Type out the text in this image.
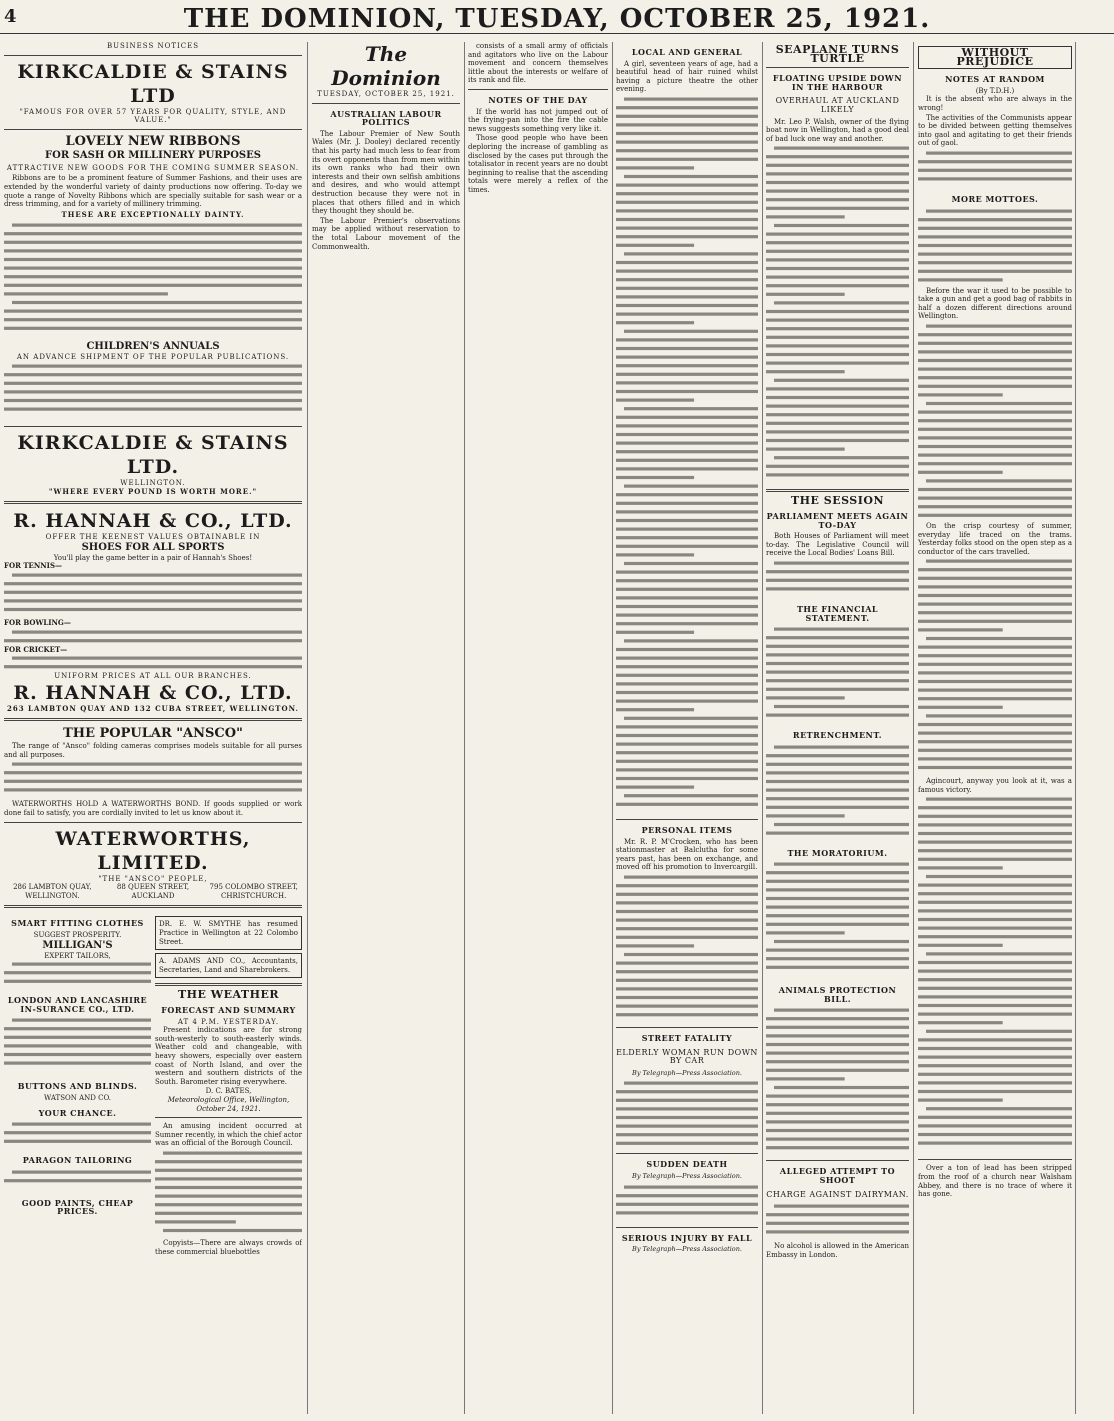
4	THE DOMINION, TUESDAY, OCTOBER 25, 1921.
BUSINESS NOTICES
KIRKCALDIE & STAINS LTD
"FAMOUS FOR OVER 57 YEARS FOR QUALITY, STYLE, AND VALUE."
LOVELY NEW RIBBONS
FOR SASH OR MILLINERY PURPOSES
ATTRACTIVE NEW GOODS FOR THE COMING SUMMER SEASON.
Ribbons are to be a prominent feature of Summer Fashions, and their uses are extended by the wonderful variety of dainty productions now offering. To-day we quote a range of Novelty Ribbons which are specially suitable for sash wear or a dress trimming, and for a variety of millinery trimming.
THESE ARE EXCEPTIONALLY DAINTY.
CHILDREN'S ANNUALS
AN ADVANCE SHIPMENT OF THE POPULAR PUBLICATIONS.
KIRKCALDIE & STAINS LTD.
WELLINGTON.
"WHERE EVERY POUND IS WORTH MORE."
R. HANNAH & CO., LTD.
OFFER THE KEENEST VALUES OBTAINABLE IN
SHOES FOR ALL SPORTS
You'll play the game better in a pair of Hannah's Shoes!
FOR TENNIS—
FOR BOWLING—
FOR CRICKET—
UNIFORM PRICES AT ALL OUR BRANCHES.
R. HANNAH & CO., LTD.
263 LAMBTON QUAY AND 132 CUBA STREET, WELLINGTON.
THE POPULAR "ANSCO"
The range of "Ansco" folding cameras comprises models suitable for all purses and all purposes.
WATERWORTHS HOLD A WATERWORTHS BOND. If goods supplied or work done fail to satisfy, you are cordially invited to let us know about it.
WATERWORTHS, LIMITED.
"THE "ANSCO" PEOPLE,
286 LAMBTON QUAY, WELLINGTON.
88 QUEEN STREET, AUCKLAND
795 COLOMBO STREET, CHRISTCHURCH.
SMART FITTING CLOTHES
SUGGEST PROSPERITY.
MILLIGAN'S
EXPERT TAILORS,
LONDON AND LANCASHIRE IN-SURANCE CO., LTD.
BUTTONS AND BLINDS.
WATSON AND CO.
YOUR CHANCE.
PARAGON TAILORING
GOOD PAINTS, CHEAP PRICES.
DR. E. W. SMYTHE has resumed Practice in Wellington at 22 Colombo Street.
A. ADAMS AND CO., Accountants, Secretaries, Land and Sharebrokers.
THE WEATHER
FORECAST AND SUMMARY
AT 4 P.M. YESTERDAY.
Present indications are for strong south-westerly to south-easterly winds. Weather cold and changeable, with heavy showers, especially over eastern coast of North Island, and over the western and southern districts of the South. Barometer rising everywhere.
D. C. BATES,
Meteorological Office, Wellington, October 24, 1921.
An amusing incident occurred at Sumner recently, in which the chief actor was an official of the Borough Council.
Copyists—There are always crowds of these commercial bluebottles
The Dominion
TUESDAY, OCTOBER 25, 1921.
AUSTRALIAN LABOUR POLITICS
The Labour Premier of New South Wales (Mr. J. Dooley) declared recently that his party had much less to fear from its overt opponents than from men within its own ranks who had their own interests and their own selfish ambitions and desires, and who would attempt destruction because they were not in places that others filled and in which they thought they should be.
The Labour Premier's observations may be applied without reservation to the total Labour movement of the Commonwealth.
consists of a small army of officials and agitators who live on the Labour movement and concern themselves little about the interests or welfare of its rank and file.
NOTES OF THE DAY
If the world has not jumped out of the frying-pan into the fire the cable news suggests something very like it.
Those good people who have been deploring the increase of gambling as disclosed by the cases put through the totalisator in recent years are no doubt beginning to realise that the ascending totals were merely a reflex of the times.
LOCAL AND GENERAL
A girl, seventeen years of age, had a beautiful head of hair ruined whilst having a picture theatre the other evening.
PERSONAL ITEMS
Mr. R. P. M'Crocken, who has been stationmaster at Balclutha for some years past, has been on exchange, and moved off his promotion to Invercargill.
STREET FATALITY
ELDERLY WOMAN RUN DOWN BY CAR
By Telegraph—Press Association.
SUDDEN DEATH
By Telegraph—Press Association.
SERIOUS INJURY BY FALL
By Telegraph—Press Association.
SEAPLANE TURNS TURTLE
FLOATING UPSIDE DOWN IN THE HARBOUR
OVERHAUL AT AUCKLAND LIKELY
Mr. Leo P. Walsh, owner of the flying boat now in Wellington, had a good deal of bad luck one way and another.
THE SESSION
PARLIAMENT MEETS AGAIN TO-DAY
Both Houses of Parliament will meet to-day. The Legislative Council will receive the Local Bodies' Loans Bill.
THE FINANCIAL STATEMENT.
RETRENCHMENT.
THE MORATORIUM.
ANIMALS PROTECTION BILL.
ALLEGED ATTEMPT TO SHOOT
CHARGE AGAINST DAIRYMAN.
No alcohol is allowed in the American Embassy in London.
WITHOUT PREJUDICE
NOTES AT RANDOM
(By T.D.H.)
It is the absent who are always in the wrong!
The activities of the Communists appear to be divided between getting themselves into gaol and agitating to get their friends out of gaol.
MORE MOTTOES.
Before the war it used to be possible to take a gun and get a good bag of rabbits in half a dozen different directions around Wellington.
On the crisp courtesy of summer, everyday life traced on the trams. Yesterday folks stood on the open step as a conductor of the cars travelled.
Agincourt, anyway you look at it, was a famous victory.
Over a ton of lead has been stripped from the roof of a church near Walsham Abbey, and there is no trace of where it has gone.
